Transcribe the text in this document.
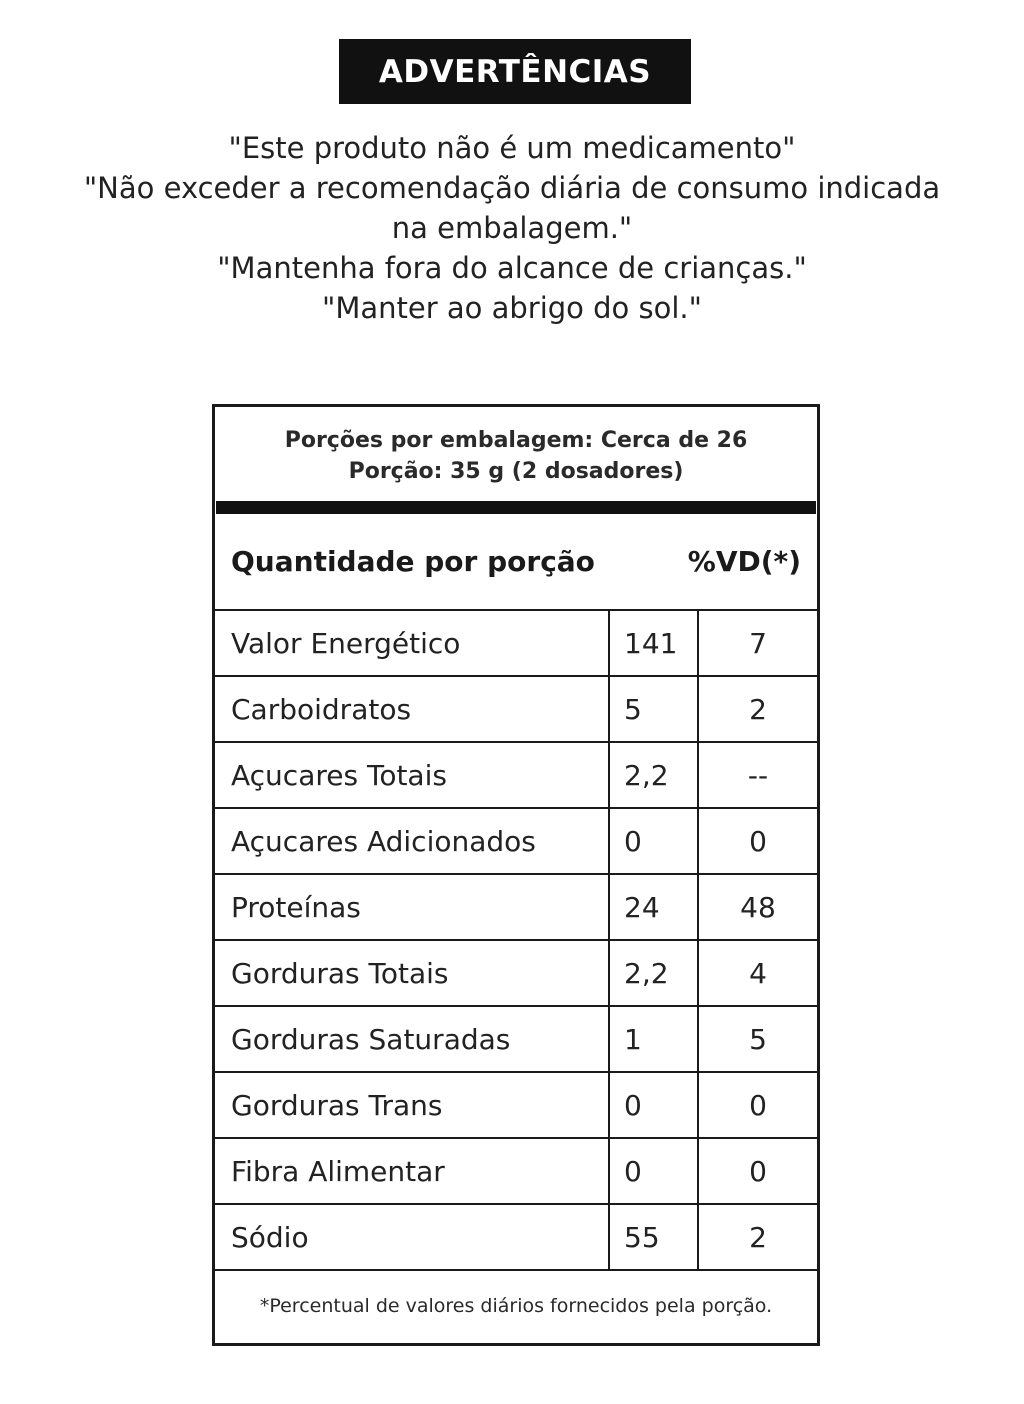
ADVERTÊNCIAS
"Este produto não é um medicamento"
"Não exceder a recomendação diária de consumo indicada
na embalagem."
"Mantenha fora do alcance de crianças."
"Manter ao abrigo do sol."
Porções por embalagem: Cerca de 26
Porção: 35 g (2 dosadores)
Quantidade por porção	%VD(*)
Valor Energético	141	7
Carboidratos	5	2
Açucares Totais	2,2	--
Açucares Adicionados	0	0
Proteínas	24	48
Gorduras Totais	2,2	4
Gorduras Saturadas	1	5
Gorduras Trans	0	0
Fibra Alimentar	0	0
Sódio	55	2
*Percentual de valores diários fornecidos pela porção.
